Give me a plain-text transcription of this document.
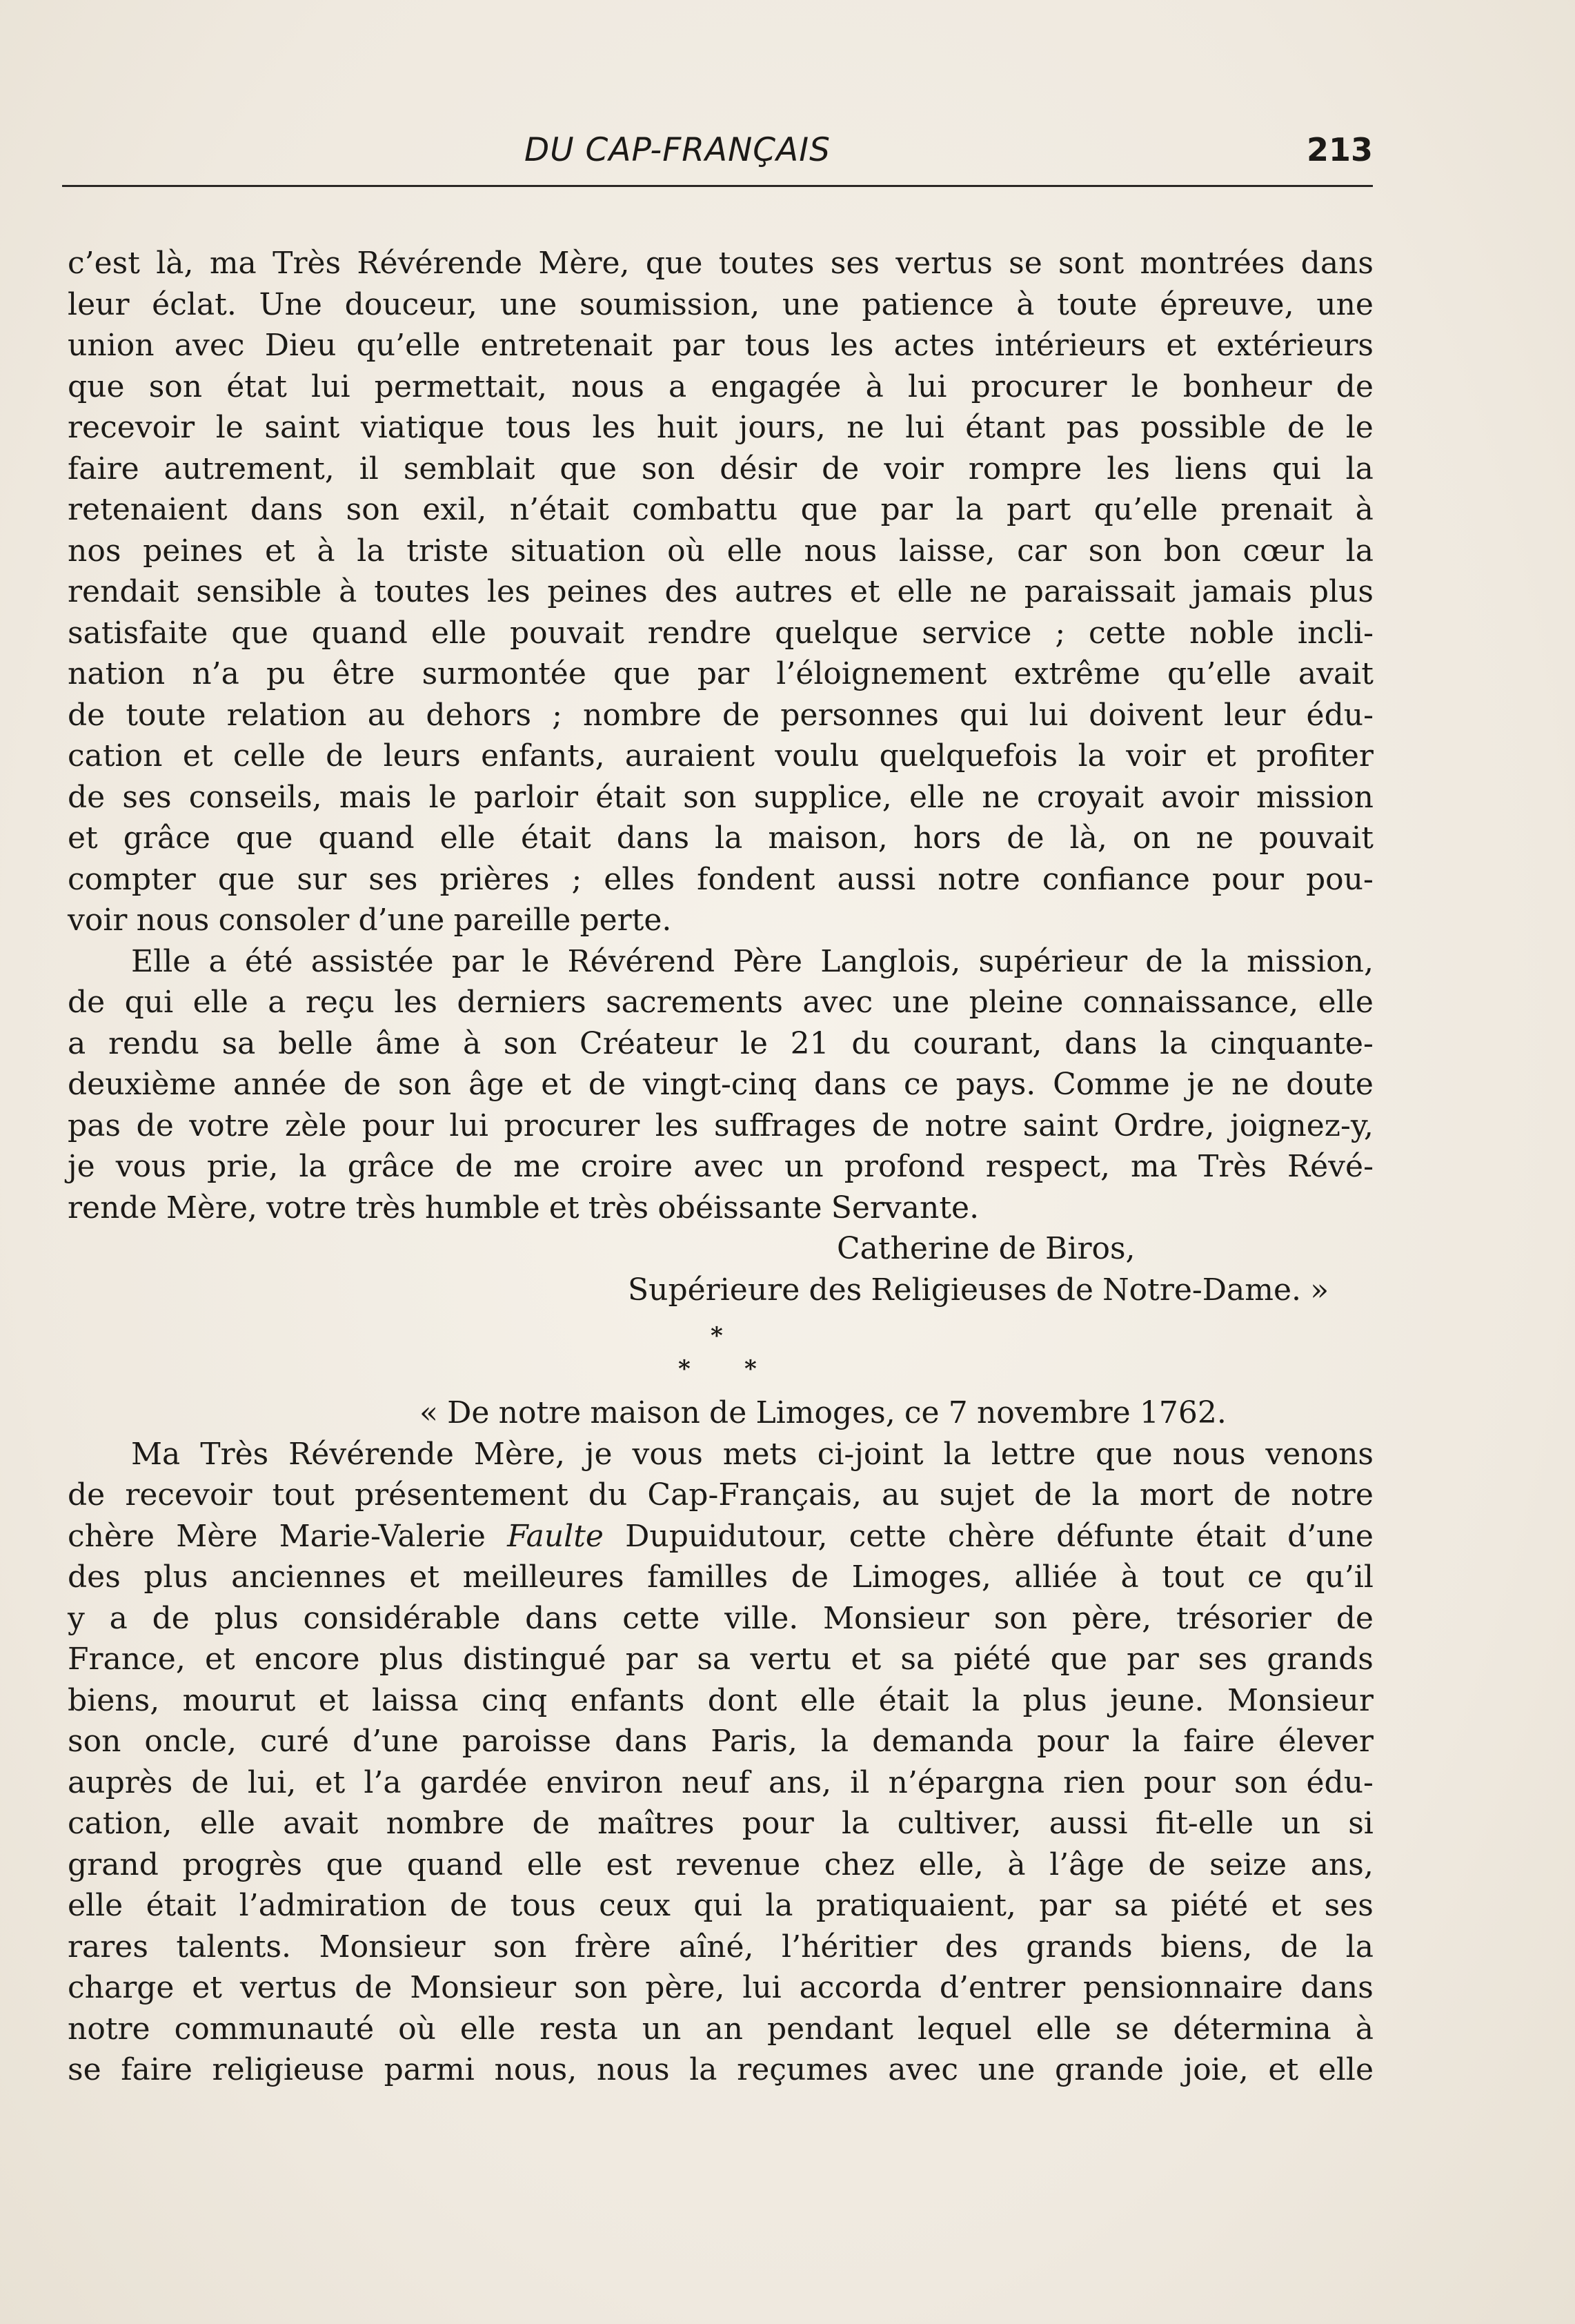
DU CAP-FRANÇAIS	213
c’est là, ma Très Révérende Mère, que toutes ses vertus se sont montrées dans
leur éclat. Une douceur, une soumission, une patience à toute épreuve, une
union avec Dieu qu’elle entretenait par tous les actes intérieurs et extérieurs
que son état lui permettait, nous a engagée à lui procurer le bonheur de
recevoir le saint viatique tous les huit jours, ne lui étant pas possible de le
faire autrement, il semblait que son désir de voir rompre les liens qui la
retenaient dans son exil, n’était combattu que par la part qu’elle prenait à
nos peines et à la triste situation où elle nous laisse, car son bon cœur la
rendait sensible à toutes les peines des autres et elle ne paraissait jamais plus
satisfaite que quand elle pouvait rendre quelque service ; cette noble incli-
nation n’a pu être surmontée que par l’éloignement extrême qu’elle avait
de toute relation au dehors ; nombre de personnes qui lui doivent leur édu-
cation et celle de leurs enfants, auraient voulu quelquefois la voir et profiter
de ses conseils, mais le parloir était son supplice, elle ne croyait avoir mission
et grâce que quand elle était dans la maison, hors de là, on ne pouvait
compter que sur ses prières ; elles fondent aussi notre confiance pour pou-
voir nous consoler d’une pareille perte.
Elle a été assistée par le Révérend Père Langlois, supérieur de la mission,
de qui elle a reçu les derniers sacrements avec une pleine connaissance, elle
a rendu sa belle âme à son Créateur le 21 du courant, dans la cinquante-
deuxième année de son âge et de vingt-cinq dans ce pays. Comme je ne doute
pas de votre zèle pour lui procurer les suffrages de notre saint Ordre, joignez-y,
je vous prie, la grâce de me croire avec un profond respect, ma Très Révé-
rende Mère, votre très humble et très obéissante Servante.
Catherine de Biros,
Supérieure des Religieuses de Notre-Dame. »
*
* *
« De notre maison de Limoges, ce 7 novembre 1762.
Ma Très Révérende Mère, je vous mets ci-joint la lettre que nous venons
de recevoir tout présentement du Cap-Français, au sujet de la mort de notre
chère Mère Marie-Valerie Faulte Dupuidutour, cette chère défunte était d’une
des plus anciennes et meilleures familles de Limoges, alliée à tout ce qu’il
y a de plus considérable dans cette ville. Monsieur son père, trésorier de
France, et encore plus distingué par sa vertu et sa piété que par ses grands
biens, mourut et laissa cinq enfants dont elle était la plus jeune. Monsieur
son oncle, curé d’une paroisse dans Paris, la demanda pour la faire élever
auprès de lui, et l’a gardée environ neuf ans, il n’épargna rien pour son édu-
cation, elle avait nombre de maîtres pour la cultiver, aussi fit-elle un si
grand progrès que quand elle est revenue chez elle, à l’âge de seize ans,
elle était l’admiration de tous ceux qui la pratiquaient, par sa piété et ses
rares talents. Monsieur son frère aîné, l’héritier des grands biens, de la
charge et vertus de Monsieur son père, lui accorda d’entrer pensionnaire dans
notre communauté où elle resta un an pendant lequel elle se détermina à
se faire religieuse parmi nous, nous la reçumes avec une grande joie, et elle
